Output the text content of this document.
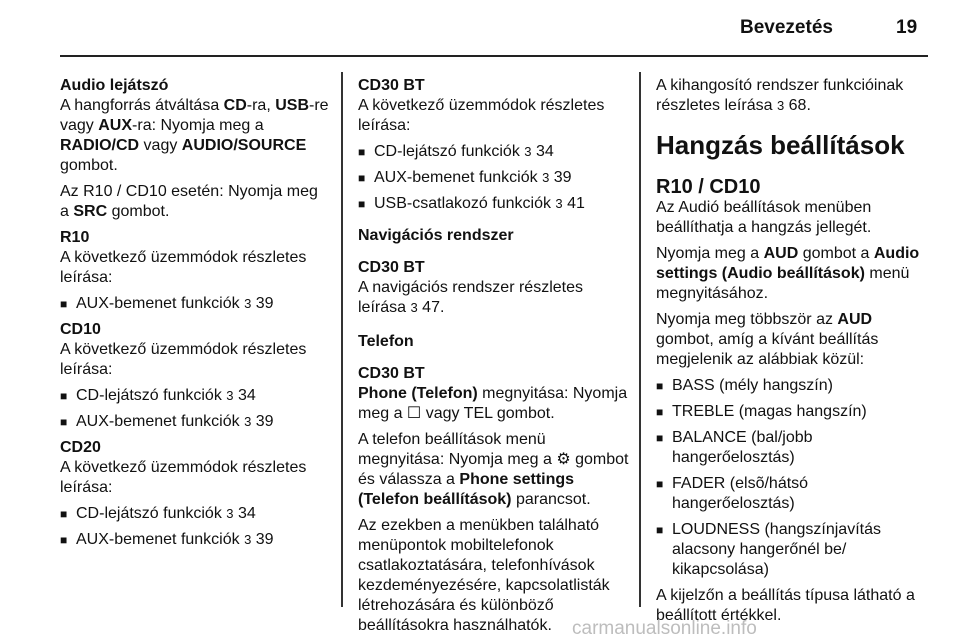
Bevezetés	19

Audio lejátszó

A hangforrás átváltása CD-ra, USB-re vagy AUX-ra: Nyomja meg a RADIO/CD vagy AUDIO/SOURCE gombot.

Az R10 / CD10 esetén: Nyomja meg a SRC gombot.

R10

A következő üzemmódok részletes leírása:

■ AUX-bemenet funkciók 3 39

CD10

A következő üzemmódok részletes leírása:

■ CD-lejátszó funkciók 3 34
■ AUX-bemenet funkciók 3 39

CD20

A következő üzemmódok részletes leírása:

■ CD-lejátszó funkciók 3 34
■ AUX-bemenet funkciók 3 39

CD30 BT

A következő üzemmódok részletes leírása:

■ CD-lejátszó funkciók 3 34
■ AUX-bemenet funkciók 3 39
■ USB-csatlakozó funkciók 3 41

Navigációs rendszer

CD30 BT

A navigációs rendszer részletes leírása 3 47.

Telefon

CD30 BT

Phone (Telefon) megnyitása: Nyomja meg a ☐ vagy TEL gombot.

A telefon beállítások menü megnyitása: Nyomja meg a ⚙ gombot és válassza a Phone settings (Telefon beállítások) parancsot.

Az ezekben a menükben található menüpontok mobiltelefonok csatlakoztatására, telefonhívások kezdeményezésére, kapcsolatlisták létrehozására és különböző beállításokra használhatók.

A kihangosító rendszer funkcióinak részletes leírása 3 68.

Hangzás beállítások

R10 / CD10

Az Audió beállítások menüben beállíthatja a hangzás jellegét.

Nyomja meg a AUD gombot a Audio settings (Audio beállítások) menü megnyitásához.

Nyomja meg többször az AUD gombot, amíg a kívánt beállítás megjelenik az alábbiak közül:

■ BASS (mély hangszín)
■ TREBLE (magas hangszín)
■ BALANCE (bal/jobb hangerőelosztás)
■ FADER (elsõ/hátsó hangerőelosztás)
■ LOUDNESS (hangszínjavítás alacsony hangerőnél be/ kikapcsolása)

A kijelzőn a beállítás típusa látható a beállított értékkel.

carmanualsonline.info
